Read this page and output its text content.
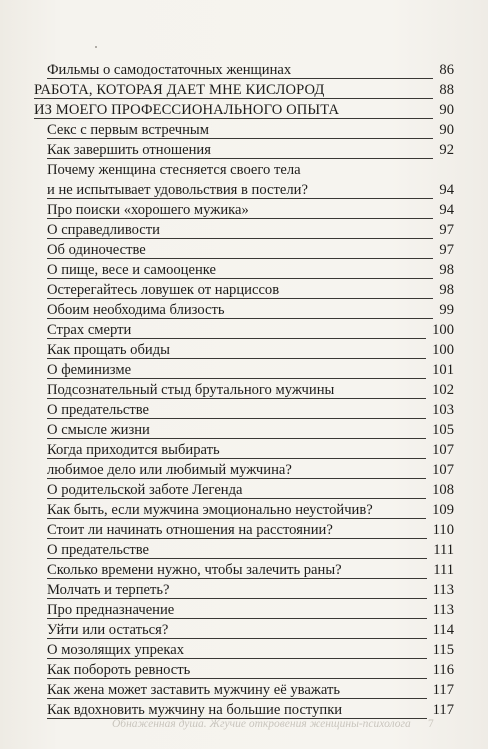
Фильмы о самодостаточных женщинах	86
РАБОТА, КОТОРАЯ ДАЕТ МНЕ КИСЛОРОД	88
ИЗ МОЕГО ПРОФЕССИОНАЛЬНОГО ОПЫТА	90
Секс с первым встречным	90
Как завершить отношения	92
Почему женщина стесняется своего тела
и не испытывает удовольствия в постели?	94
Про поиски «хорошего мужика»	94
О справедливости	97
Об одиночестве	97
О пище, весе и самооценке	98
Остерегайтесь ловушек от нарциссов	98
Обоим необходима близость	99
Страх смерти	100
Как прощать обиды	100
О феминизме	101
Подсознательный стыд брутального мужчины	102
О предательстве	103
О смысле жизни	105
Когда приходится выбирать	107
любимое дело или любимый мужчина?	107
О родительской заботе Легенда	108
Как быть, если мужчина эмоционально неустойчив?	109
Стоит ли начинать отношения на расстоянии?	110
О предательстве	111
Сколько времени нужно, чтобы залечить раны?	111
Молчать и терпеть?	113
Про предназначение	113
Уйти или остаться?	114
О мозолящих упреках	115
Как побороть ревность	116
Как жена может заставить мужчину её уважать	117
Как вдохновить мужчину на большие поступки	117
Обнаженная душа. Жгучие откровения женщины-психолога 7
